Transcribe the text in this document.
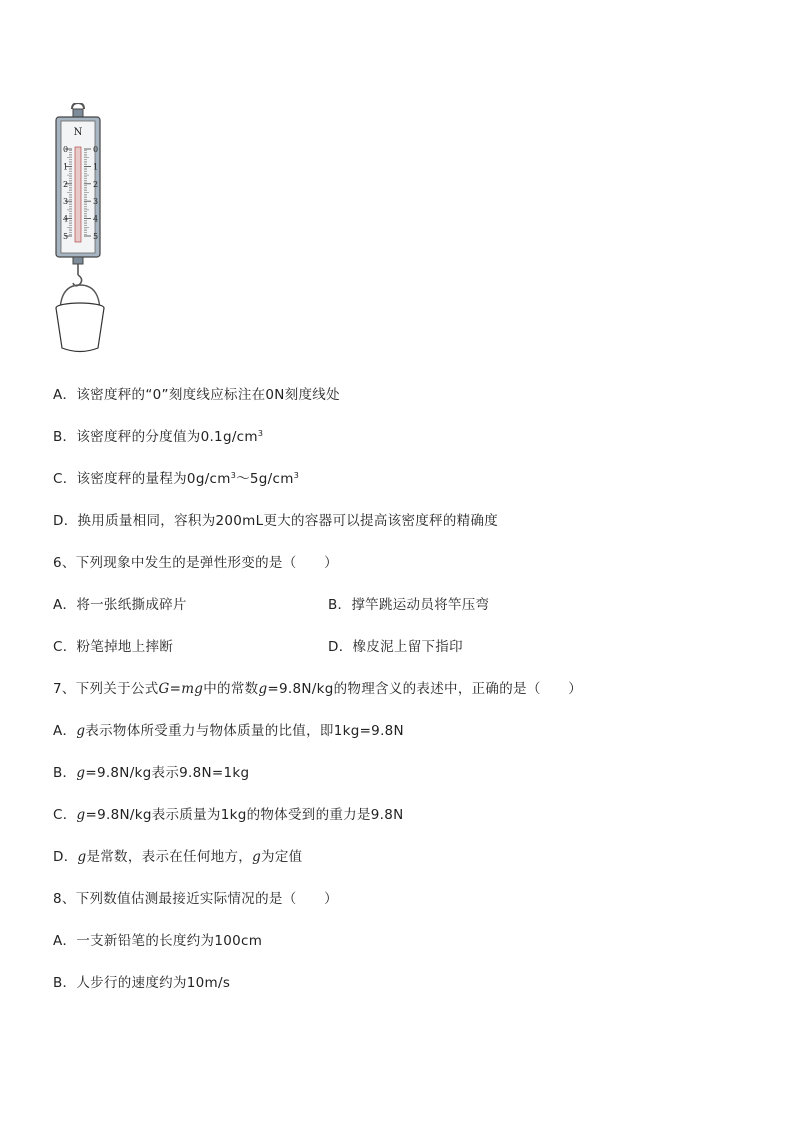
N
0
1
2
3
4
5
0
1
2
3
4
5
A．该密度秤的“0”刻度线应标注在0N刻度线处
B．该密度秤的分度值为$0.1g/cm^3$
C．该密度秤的量程为$0g/cm^3\sim 5g/cm^3$
D．换用质量相同，容积为200mL更大的容器可以提高该密度秤的精确度
6、下列现象中发生的是弹性形变的是（　　）
A．将一张纸撕成碎片	B．撑竿跳运动员将竿压弯
C．粉笔掉地上摔断	D．橡皮泥上留下指印
7、下列关于公式G=mg中的常数g=9.8N/kg的物理含义的表述中，正确的是（　　）
A．g表示物体所受重力与物体质量的比值，即1kg=9.8N
B．g=9.8N/kg表示9.8N=1kg
C．g=9.8N/kg表示质量为1kg的物体受到的重力是9.8N
D．g是常数，表示在任何地方，g为定值
8、下列数值估测最接近实际情况的是（　　）
A．一支新铅笔的长度约为100cm
B．人步行的速度约为10m/s
